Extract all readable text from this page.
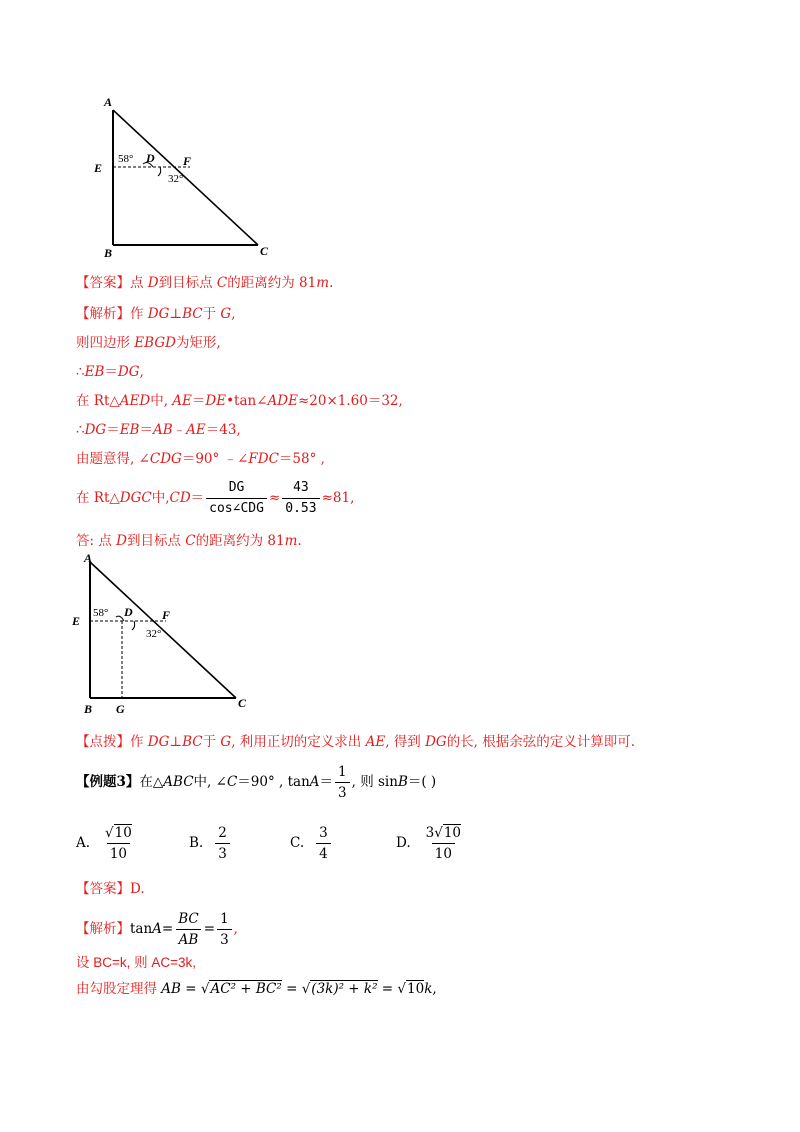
A
E
58° D F
32°
B	C
【答案】点 D到目标点 C的距离约为 81m.
【解析】作 DG⊥BC于 G,
则四边形 EBGD为矩形,
∴EB＝DG,
在 Rt△AED中, AE＝DE•tan∠ADE≈20×1.60＝32,
∴DG＝EB＝AB﹣AE＝43,
由题意得, ∠CDG＝90° ﹣∠FDC＝58° ,
在 Rt△ DGC 中, CD ＝ $\frac{DG}{\text{cos∠CDG}} \approx \frac{43}{0.53} \approx 81$,
答: 点 D到目标点 C的距离约为 81m.
A
E
58° D F
32°
B G	C
【点拨】作 DG⊥BC于 G, 利用正切的定义求出 AE, 得到 DG的长, 根据余弦的定义计算即可.
【例题3】 在△ ABC 中, ∠ C ＝90° , $\tan A = \frac{1}{3}$ , 则 sin B ＝( )
A. $\frac{√10}{10}$	B. $\frac{2}{3}$	C. $\frac{3}{4}$	D. $\frac{3√10}{10}$
【答案】D.
【解析】 $\tan A = \frac{BC}{AB} = \frac{1}{3}$ ,
设 BC=k, 则 AC=3k,
由勾股定理得 AB = √AC² + BC² = √(3k)² + k² = √10k,
